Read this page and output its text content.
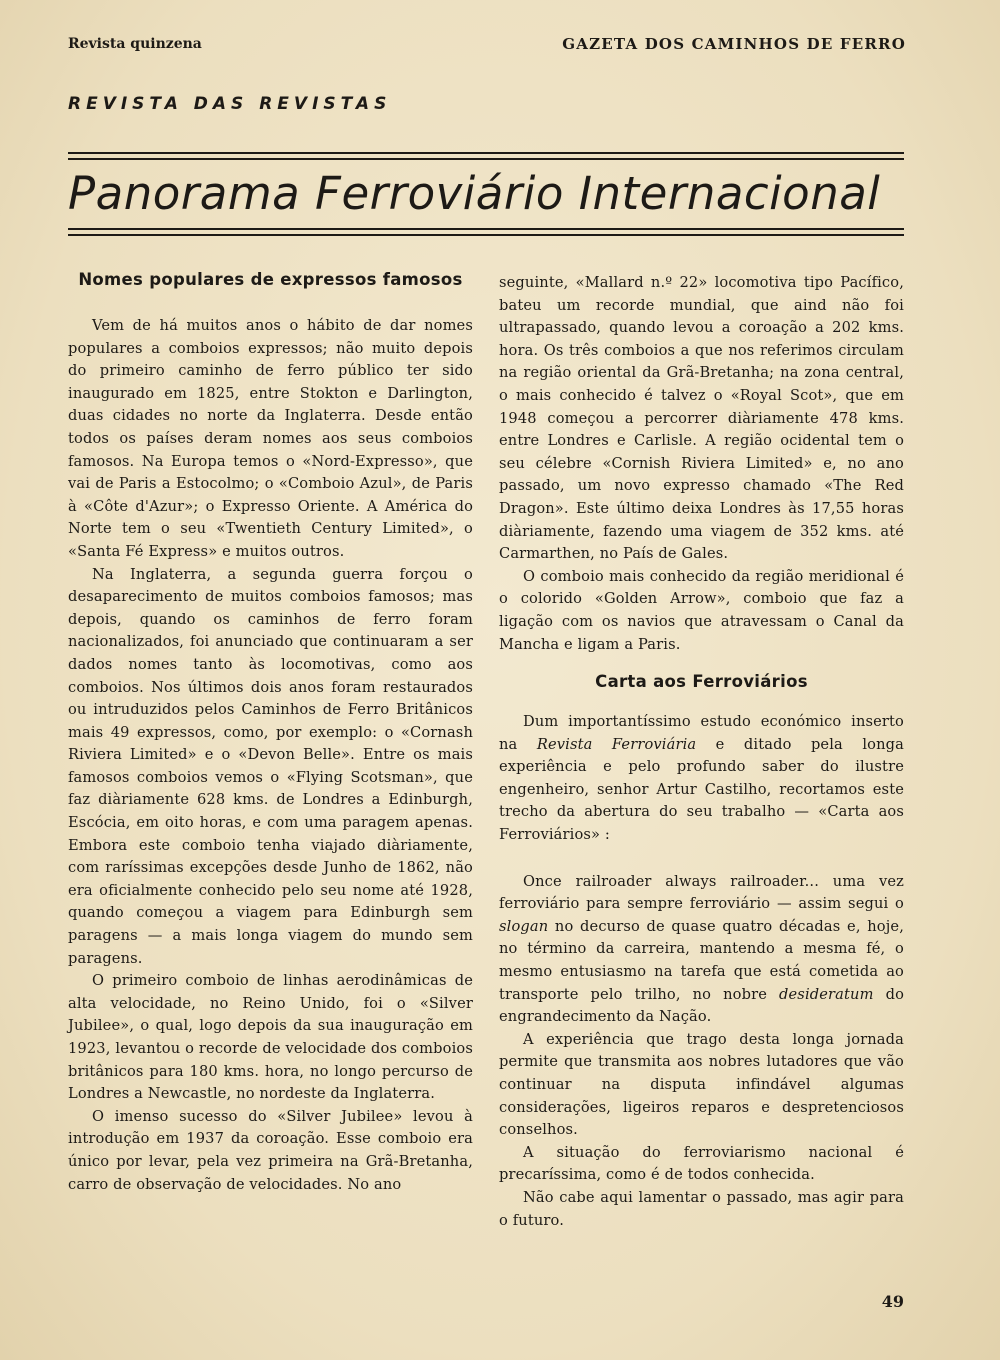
Revista quinzena	GAZETA DOS CAMINHOS DE FERRO
REVISTA DAS REVISTAS
Panorama Ferroviário Internacional
Nomes populares de expressos famosos

Vem de há muitos anos o hábito de dar nomes populares a comboios expressos; não muito depois do primeiro caminho de ferro público ter sido inaugurado em 1825, entre Stokton e Darlington, duas cidades no norte da Inglaterra. Desde então todos os países deram nomes aos seus comboios famosos. Na Europa temos o «Nord-Expresso», que vai de Paris a Estocolmo; o «Comboio Azul», de Paris à «Côte d'Azur»; o Expresso Oriente. A América do Norte tem o seu «Twentieth Century Limited», o «Santa Fé Express» e muitos outros.

Na Inglaterra, a segunda guerra forçou o desaparecimento de muitos comboios famosos; mas depois, quando os caminhos de ferro foram nacionalizados, foi anunciado que continuaram a ser dados nomes tanto às locomotivas, como aos comboios. Nos últimos dois anos foram restaurados ou intruduzidos pelos Caminhos de Ferro Britânicos mais 49 expressos, como, por exemplo: o «Cornash Riviera Limited» e o «Devon Belle». Entre os mais famosos comboios vemos o «Flying Scotsman», que faz diàriamente 628 kms. de Londres a Edinburgh, Escócia, em oito horas, e com uma paragem apenas. Embora este comboio tenha viajado diàriamente, com raríssimas excepções desde Junho de 1862, não era oficialmente conhecido pelo seu nome até 1928, quando começou a viagem para Edinburgh sem paragens — a mais longa viagem do mundo sem paragens.

O primeiro comboio de linhas aerodinâmicas de alta velocidade, no Reino Unido, foi o «Silver Jubilee», o qual, logo depois da sua inauguração em 1923, levantou o recorde de velocidade dos comboios britânicos para 180 kms. hora, no longo percurso de Londres a Newcastle, no nordeste da Inglaterra.

O imenso sucesso do «Silver Jubilee» levou à introdução em 1937 da coroação. Esse comboio era único por levar, pela vez primeira na Grã-Bretanha, carro de observação de velocidades. No ano

seguinte, «Mallard n.º 22» locomotiva tipo Pacífico, bateu um recorde mundial, que aind não foi ultrapassado, quando levou a coroação a 202 kms. hora. Os três comboios a que nos referimos circulam na região oriental da Grã-Bretanha; na zona central, o mais conhecido é talvez o «Royal Scot», que em 1948 começou a percorrer diàriamente 478 kms. entre Londres e Carlisle. A região ocidental tem o seu célebre «Cornish Riviera Limited» e, no ano passado, um novo expresso chamado «The Red Dragon». Este último deixa Londres às 17,55 horas diàriamente, fazendo uma viagem de 352 kms. até Carmarthen, no País de Gales.

O comboio mais conhecido da região meridional é o colorido «Golden Arrow», comboio que faz a ligação com os navios que atravessam o Canal da Mancha e ligam a Paris.

Carta aos Ferroviários

Dum importantíssimo estudo económico inserto na Revista Ferroviária e ditado pela longa experiência e pelo profundo saber do ilustre engenheiro, senhor Artur Castilho, recortamos este trecho da abertura do seu trabalho — «Carta aos Ferroviários» :

Once railroader always railroader... uma vez ferroviário para sempre ferroviário — assim segui o slogan no decurso de quase quatro décadas e, hoje, no término da carreira, mantendo a mesma fé, o mesmo entusiasmo na tarefa que está cometida ao transporte pelo trilho, no nobre desideratum do engrandecimento da Nação.

A experiência que trago desta longa jornada permite que transmita aos nobres lutadores que vão continuar na disputa infindável algumas considerações, ligeiros reparos e despretenciosos conselhos.

A situação do ferroviarismo nacional é precaríssima, como é de todos conhecida.

Não cabe aqui lamentar o passado, mas agir para o futuro.

49
